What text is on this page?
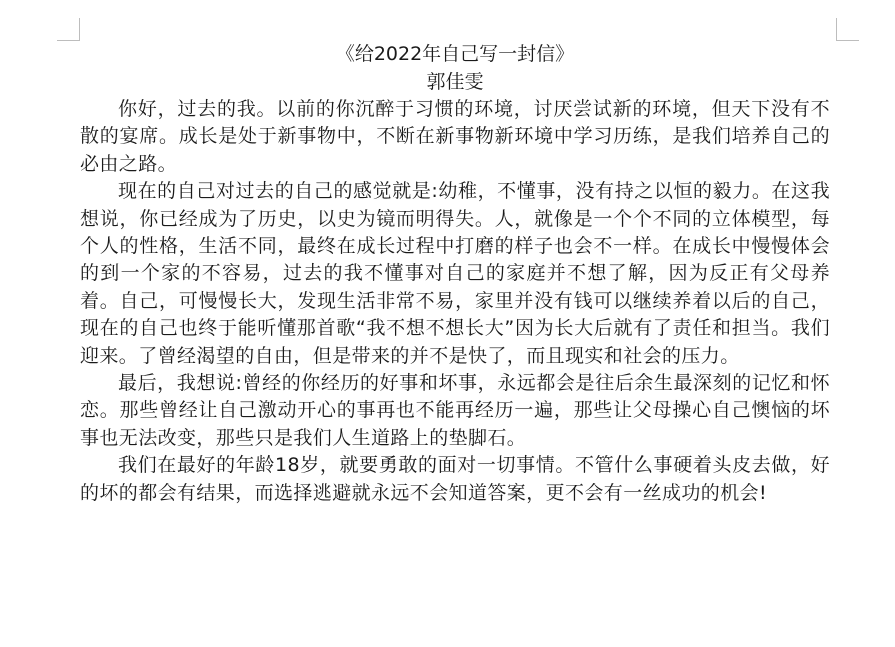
《给2022年自己写一封信》
郭佳雯

你好，过去的我。以前的你沉醉于习惯的环境，讨厌尝试新的环境，但天下没有不散的宴席。成长是处于新事物中，不断在新事物新环境中学习历练，是我们培养自己的必由之路。

现在的自己对过去的自己的感觉就是:幼稚，不懂事，没有持之以恒的毅力。在这我想说，你已经成为了历史，以史为镜而明得失。人，就像是一个个不同的立体模型，每个人的性格，生活不同，最终在成长过程中打磨的样子也会不一样。在成长中慢慢体会的到一个家的不容易，过去的我不懂事对自己的家庭并不想了解，因为反正有父母养着。自己，可慢慢长大，发现生活非常不易，家里并没有钱可以继续养着以后的自己，现在的自己也终于能听懂那首歌“我不想不想长大”因为长大后就有了责任和担当。我们迎来。了曾经渴望的自由，但是带来的并不是快了，而且现实和社会的压力。

最后，我想说:曾经的你经历的好事和坏事，永远都会是往后余生最深刻的记忆和怀恋。那些曾经让自己激动开心的事再也不能再经历一遍，那些让父母操心自己懊恼的坏事也无法改变，那些只是我们人生道路上的垫脚石。

我们在最好的年龄18岁，就要勇敢的面对一切事情。不管什么事硬着头皮去做，好的坏的都会有结果，而选择逃避就永远不会知道答案，更不会有一丝成功的机会!
